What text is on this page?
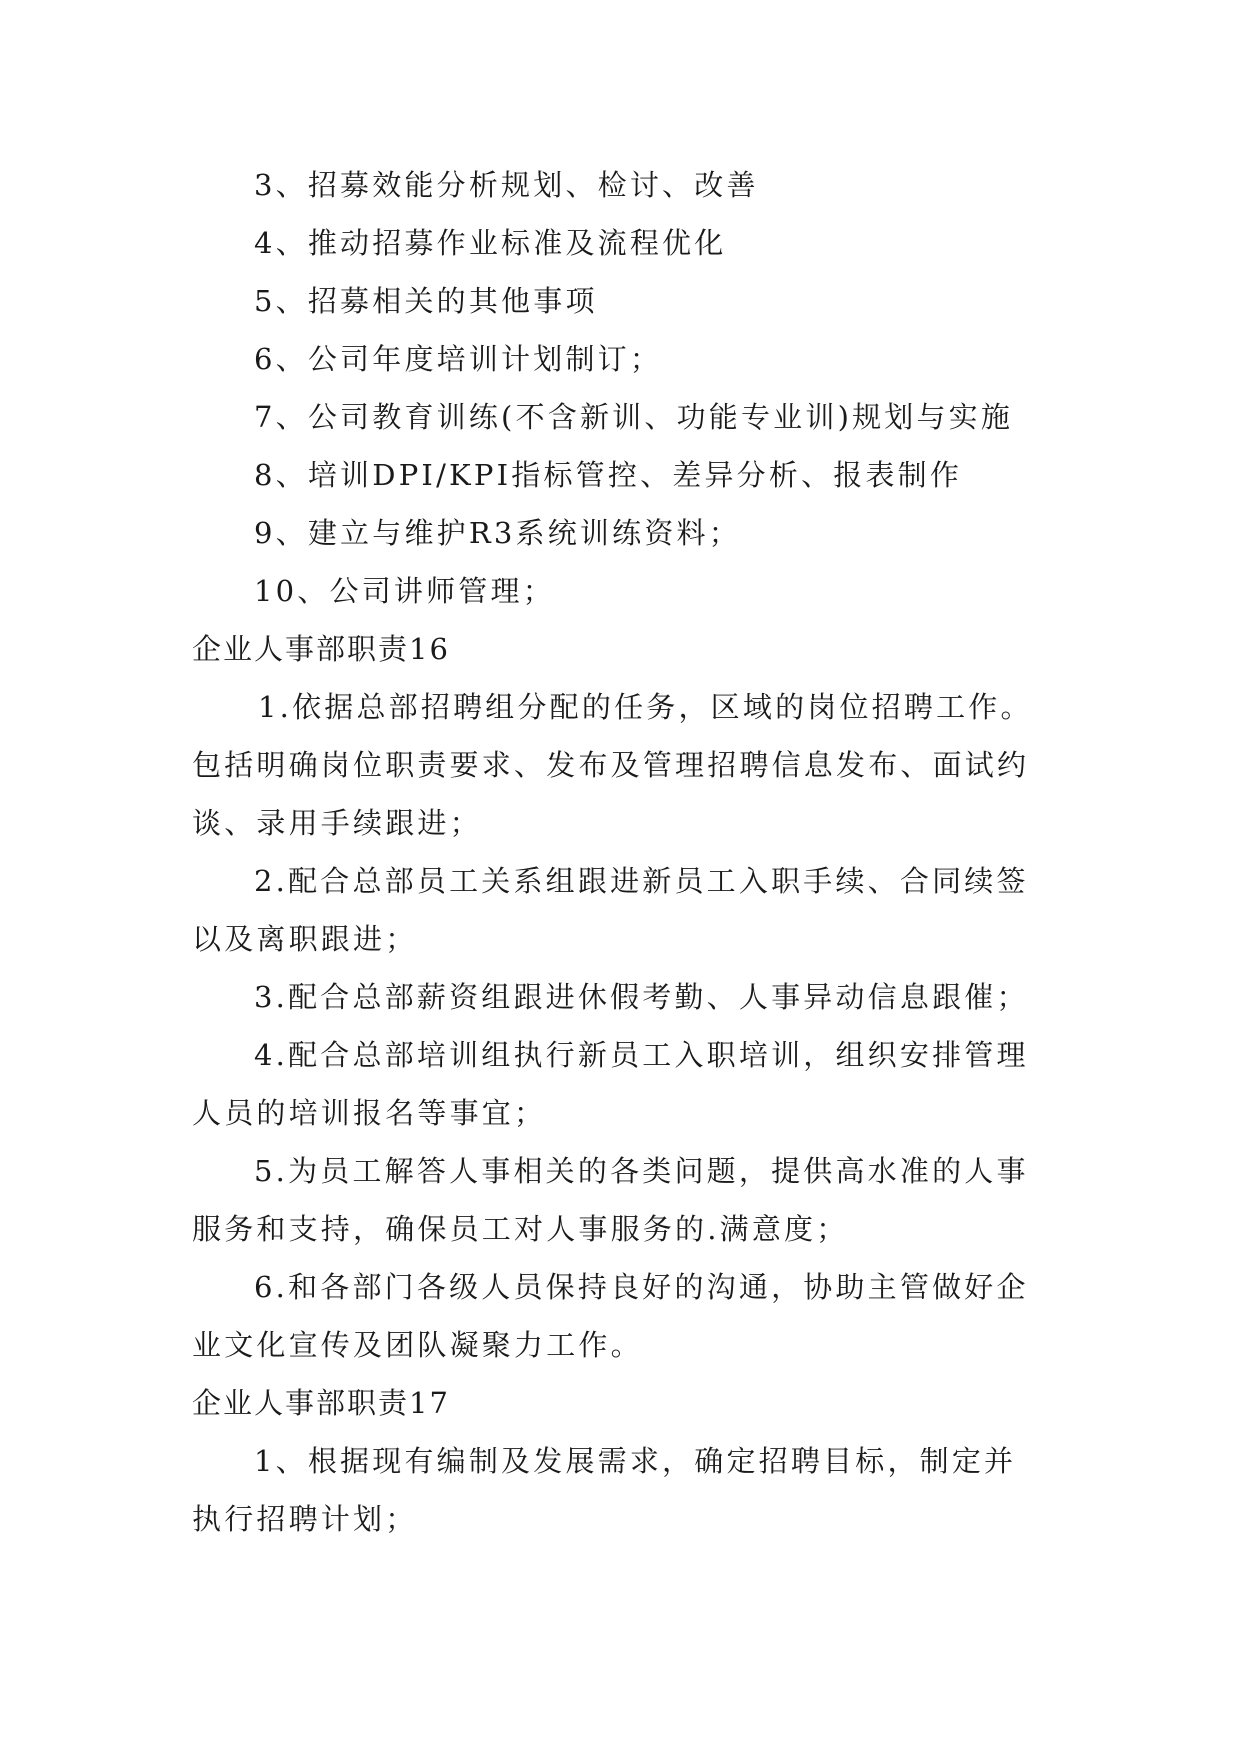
3、招募效能分析规划、检讨、改善
4、推动招募作业标准及流程优化
5、招募相关的其他事项
6、公司年度培训计划制订；
7、公司教育训练(不含新训、功能专业训)规划与实施
8、培训DPI/KPI指标管控、差异分析、报表制作
9、建立与维护R3系统训练资料；
10、公司讲师管理；
企业人事部职责16
1.依据总部招聘组分配的任务，区域的岗位招聘工作。
包括明确岗位职责要求、发布及管理招聘信息发布、面试约
谈、录用手续跟进；
2.配合总部员工关系组跟进新员工入职手续、合同续签
以及离职跟进；
3.配合总部薪资组跟进休假考勤、人事异动信息跟催；
4.配合总部培训组执行新员工入职培训，组织安排管理
人员的培训报名等事宜；
5.为员工解答人事相关的各类问题，提供高水准的人事
服务和支持，确保员工对人事服务的.满意度；
6.和各部门各级人员保持良好的沟通，协助主管做好企
业文化宣传及团队凝聚力工作。
企业人事部职责17
1、根据现有编制及发展需求，确定招聘目标，制定并
执行招聘计划；
